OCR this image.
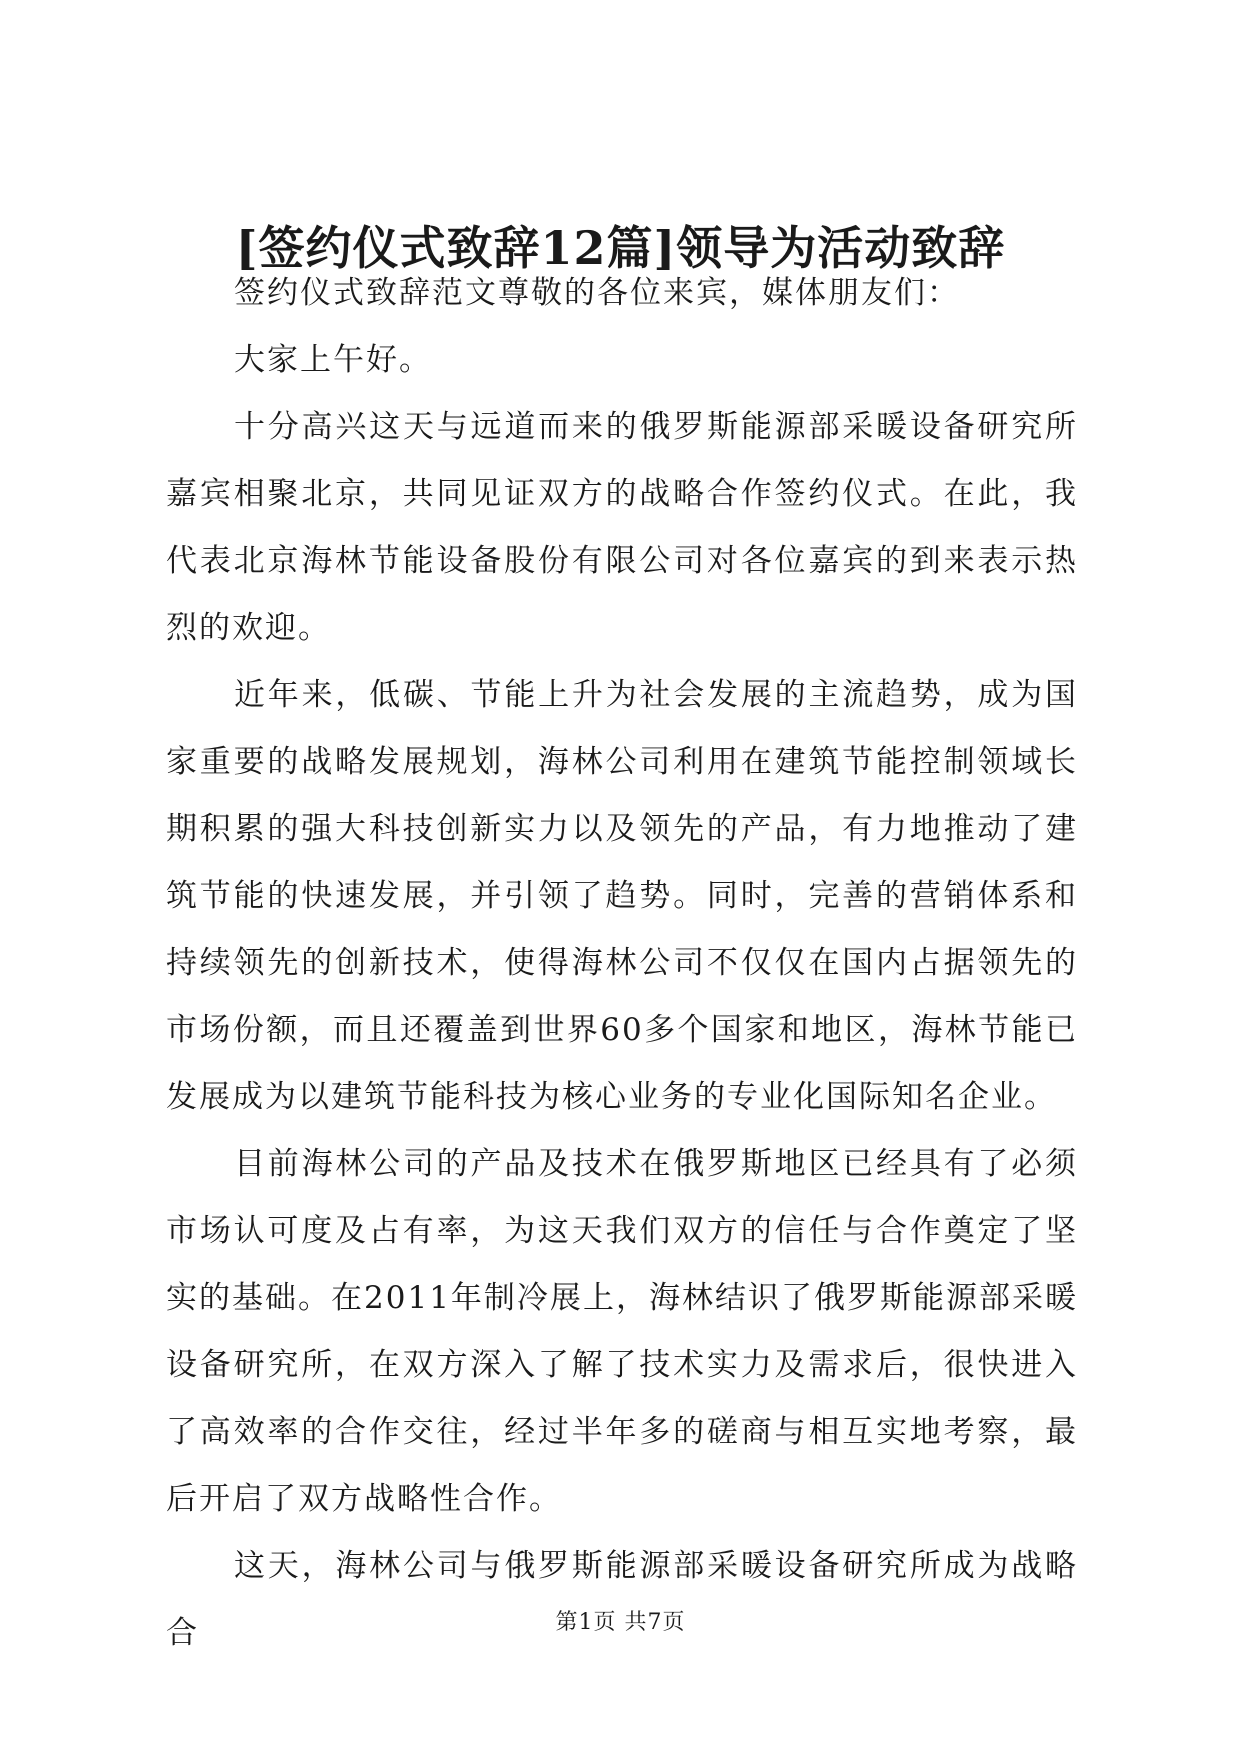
[签约仪式致辞12篇]领导为活动致辞

签约仪式致辞范文尊敬的各位来宾，媒体朋友们：

大家上午好。

十分高兴这天与远道而来的俄罗斯能源部采暖设备研究所嘉宾相聚北京，共同见证双方的战略合作签约仪式。在此，我代表北京海林节能设备股份有限公司对各位嘉宾的到来表示热烈的欢迎。

近年来，低碳、节能上升为社会发展的主流趋势，成为国家重要的战略发展规划，海林公司利用在建筑节能控制领域长期积累的强大科技创新实力以及领先的产品，有力地推动了建筑节能的快速发展，并引领了趋势。同时，完善的营销体系和持续领先的创新技术，使得海林公司不仅仅在国内占据领先的市场份额，而且还覆盖到世界60多个国家和地区，海林节能已发展成为以建筑节能科技为核心业务的专业化国际知名企业。

目前海林公司的产品及技术在俄罗斯地区已经具有了必须市场认可度及占有率，为这天我们双方的信任与合作奠定了坚实的基础。在2011年制冷展上，海林结识了俄罗斯能源部采暖设备研究所，在双方深入了解了技术实力及需求后，很快进入了高效率的合作交往，经过半年多的磋商与相互实地考察，最后开启了双方战略性合作。

这天，海林公司与俄罗斯能源部采暖设备研究所成为战略合	第1页 共7页
